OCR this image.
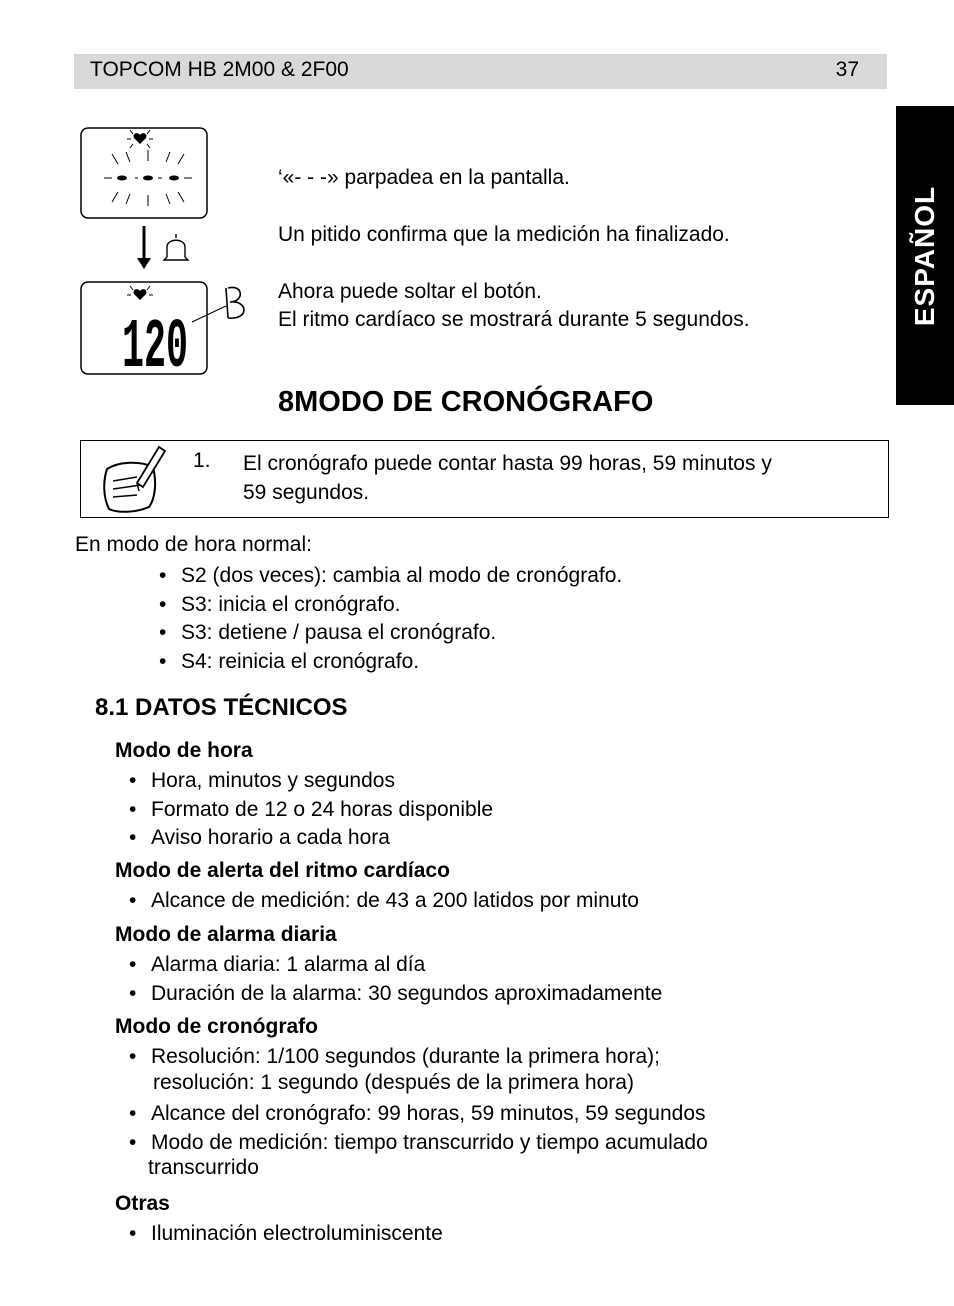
TOPCOM HB 2M00 & 2F00	37
ESPAÑOL
120
‘«- - -» parpadea en la pantalla.
Un pitido confirma que la medición ha finalizado.
Ahora puede soltar el botón.
El ritmo cardíaco se mostrará durante 5 segundos.
8MODO DE CRONÓGRAFO
1. El cronógrafo puede contar hasta 99 horas, 59 minutos y
59 segundos.
En modo de hora normal:
• S2 (dos veces): cambia al modo de cronógrafo.
• S3: inicia el cronógrafo.
• S3: detiene / pausa el cronógrafo.
• S4: reinicia el cronógrafo.
8.1 DATOS TÉCNICOS
Modo de hora
• Hora, minutos y segundos
• Formato de 12 o 24 horas disponible
• Aviso horario a cada hora
Modo de alerta del ritmo cardíaco
• Alcance de medición: de 43 a 200 latidos por minuto
Modo de alarma diaria
• Alarma diaria: 1 alarma al día
• Duración de la alarma: 30 segundos aproximadamente
Modo de cronógrafo
• Resolución: 1/100 segundos (durante la primera hora);
• Alcance del cronógrafo: 99 horas, 59 minutos, 59 segundos
• Modo de medición: tiempo transcurrido y tiempo acumulado
resolución: 1 segundo (después de la primera hora)
transcurrido
Otras
• Iluminación electroluminiscente
